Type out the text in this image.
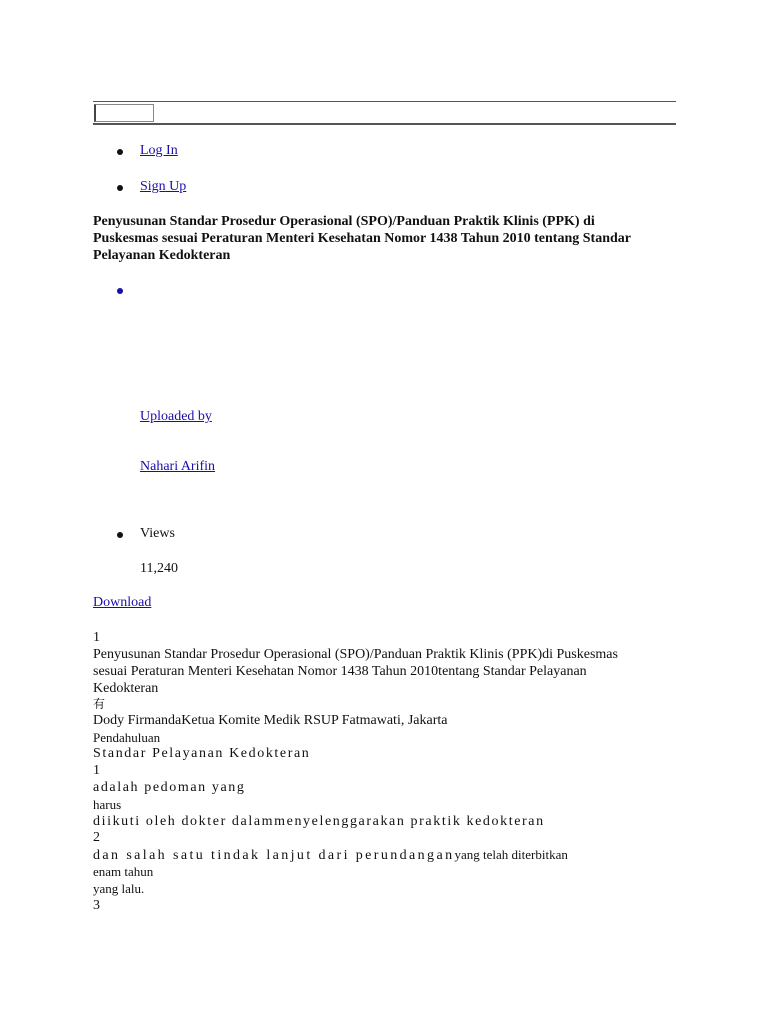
Log In
Sign Up
Penyusunan Standar Prosedur Operasional (SPO)/Panduan Praktik Klinis (PPK) di Puskesmas sesuai Peraturan Menteri Kesehatan Nomor 1438 Tahun 2010 tentang Standar Pelayanan Kedokteran
Uploaded by
Nahari Arifin
Views
11,240
Download
1
Penyusunan Standar Prosedur Operasional (SPO)/Panduan Praktik Klinis (PPK)di Puskesmas
sesuai Peraturan Menteri Kesehatan Nomor 1438 Tahun 2010tentang Standar Pelayanan
Kedokteran
有
Dody FirmandaKetua Komite Medik RSUP Fatmawati, Jakarta
Pendahuluan
Standar Pelayanan Kedokteran
1
adalah pedoman yang
harus
diikuti oleh dokter dalammenyelenggarakan praktik kedokteran
2
dan salah satu tindak lanjut dari perundanganyang telah diterbitkan
enam tahun
yang lalu.
3
